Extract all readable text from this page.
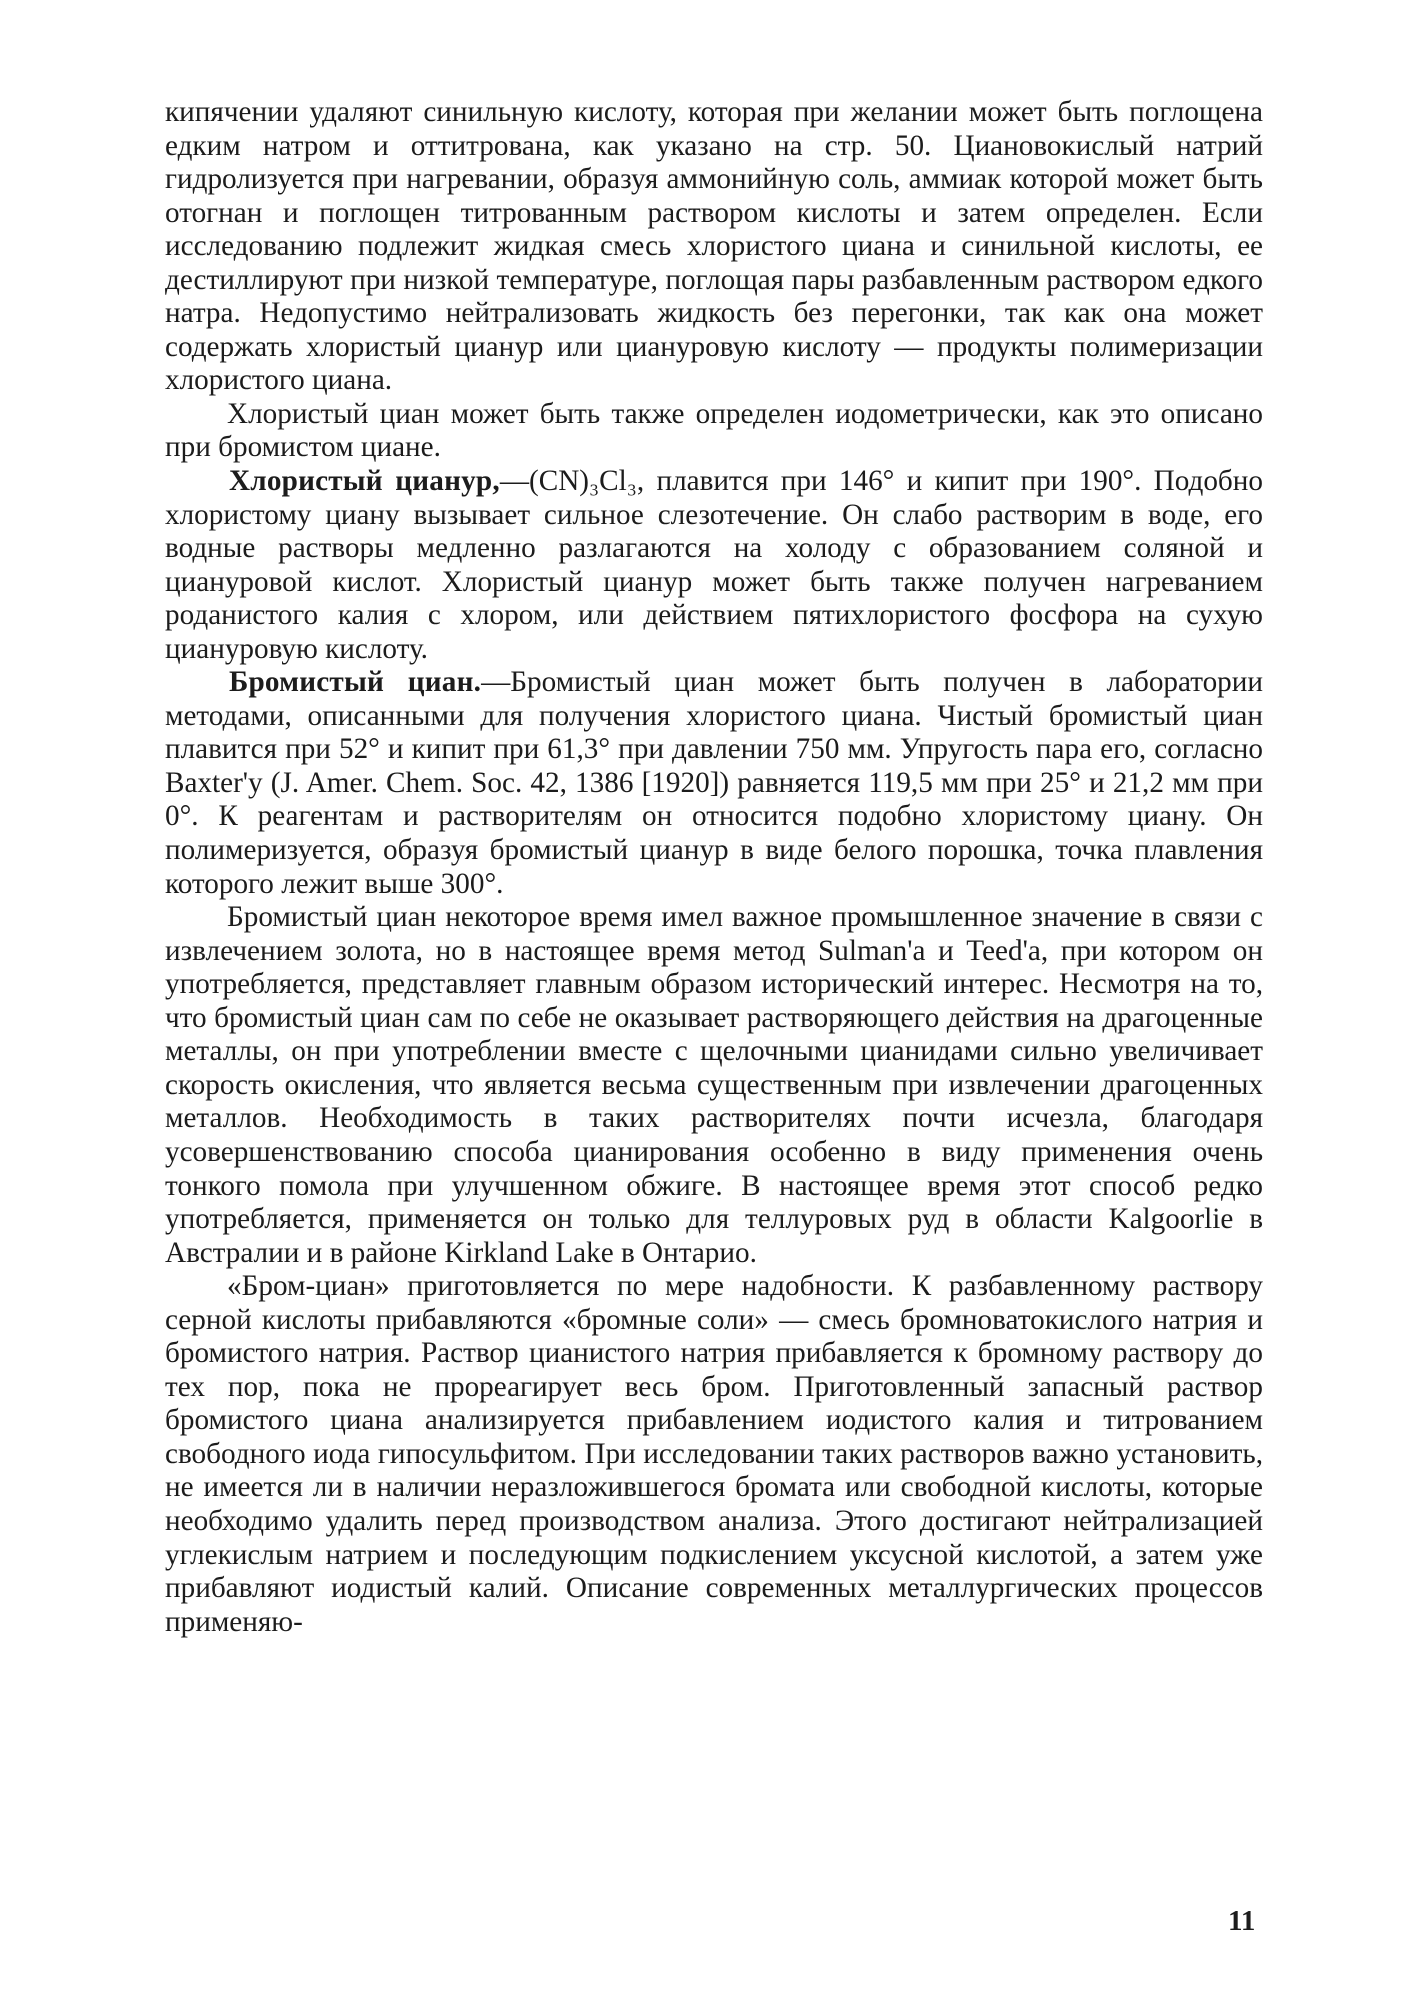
кипячении удаляют синильную кислоту, которая при желании может быть поглощена едким натром и оттитрована, как указано на стр. 50. Циановокислый натрий гидролизуется при нагревании, образуя аммонийную соль, аммиак которой может быть отогнан и поглощен титрованным раствором кислоты и затем определен. Если исследованию подлежит жидкая смесь хлористого циана и синильной кислоты, ее дестиллируют при низкой температуре, поглощая пары разбавленным раствором едкого натра. Недопустимо нейтрализовать жидкость без перегонки, так как она может содержать хлористый циануp или циануровую кислоту — продукты полимеризации хлористого циана.

Хлористый циан может быть также определен иодометрически, как это описано при бромистом циане.

Хлористый циануp,—(CN)₃Cl₃, плавится при 146° и кипит при 190°. Подобно хлористому циану вызывает сильное слезотечение. Он слабо растворим в воде, его водные растворы медленно разлагаются на холоду с образованием соляной и циануровой кислот. Хлористый цианур может быть также получен нагреванием роданистого калия с хлором, или действием пятихлористого фосфора на сухую циануровую кислоту.

Бромистый циан.—Бромистый циан может быть получен в лаборатории методами, описанными для получения хлористого циана. Чистый бромистый циан плавится при 52° и кипит при 61,3° при давлении 750 мм. Упругость пара его, согласно Baxter'у (J. Amer. Chem. Soc. 42, 1386 [1920]) равняется 119,5 мм при 25° и 21,2 мм при 0°. К реагентам и растворителям он относится подобно хлористому циану. Он полимеризуется, образуя бромистый циануp в виде белого порошка, точка плавления которого лежит выше 300°.

Бромистый циан некоторое время имел важное промышленное значение в связи с извлечением золота, но в настоящее время метод Sulman'a и Teed'a, при котором он употребляется, представляет главным образом исторический интерес. Несмотря на то, что бромистый циан сам по себе не оказывает растворяющего действия на драгоценные металлы, он при употреблении вместе с щелочными цианидами сильно увеличивает скорость окисления, что является весьма существенным при извлечении драгоценных металлов. Необходимость в таких растворителях почти исчезла, благодаря усовершенствованию способа цианирования особенно в виду применения очень тонкого помола при улучшенном обжиге. В настоящее время этот способ редко употребляется, применяется он только для теллуровых руд в области Kalgoorlie в Австралии и в районе Kirkland Lake в Онтарио.

«Бром-циан» приготовляется по мере надобности. К разбавленному раствору серной кислоты прибавляются «бромные соли» — смесь бромноватокислого натрия и бромистого натрия. Раствор цианистого натрия прибавляется к бромному раствору до тех пор, пока не прореагирует весь бром. Приготовленный запасный раствор бромистого циана анализируется прибавлением иодистого калия и титрованием свободного иода гипосульфитом. При исследовании таких растворов важно установить, не имеется ли в наличии неразложившегося бромата или свободной кислоты, которые необходимо удалить перед производством анализа. Этого достигают нейтрализацией углекислым натрием и последующим подкислением уксусной кислотой, а затем уже прибавляют иодистый калий. Описание современных металлургических процессов применяю-

11
